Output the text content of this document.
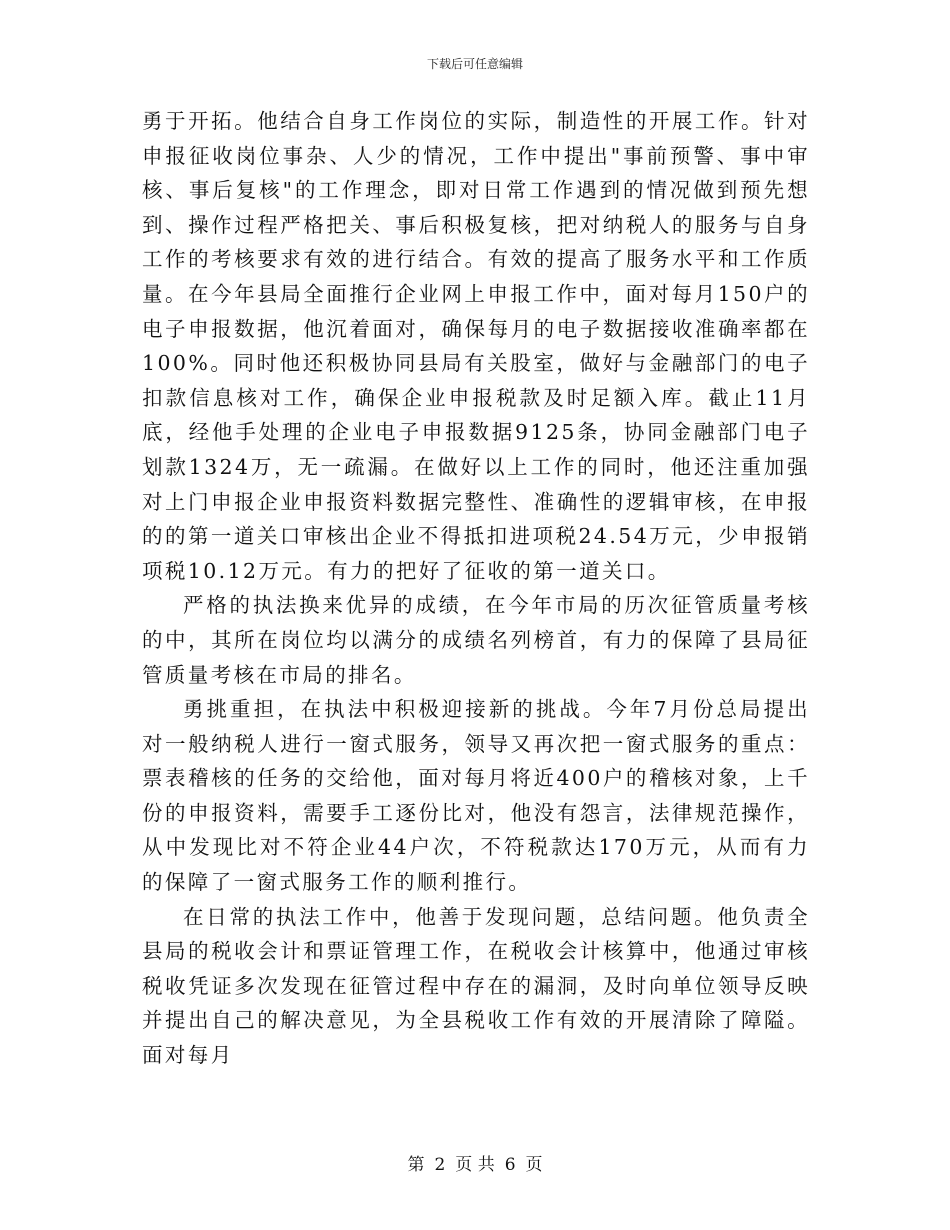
下载后可任意编辑

勇于开拓。他结合自身工作岗位的实际，制造性的开展工作。针对申报征收岗位事杂、人少的情况，工作中提出"事前预警、事中审核、事后复核"的工作理念，即对日常工作遇到的情况做到预先想到、操作过程严格把关、事后积极复核，把对纳税人的服务与自身工作的考核要求有效的进行结合。有效的提高了服务水平和工作质量。在今年县局全面推行企业网上申报工作中，面对每月150户的电子申报数据，他沉着面对，确保每月的电子数据接收准确率都在100%。同时他还积极协同县局有关股室，做好与金融部门的电子扣款信息核对工作，确保企业申报税款及时足额入库。截止11月底，经他手处理的企业电子申报数据9125条，协同金融部门电子划款1324万，无一疏漏。在做好以上工作的同时，他还注重加强对上门申报企业申报资料数据完整性、准确性的逻辑审核，在申报的的第一道关口审核出企业不得抵扣进项税24.54万元，少申报销项税10.12万元。有力的把好了征收的第一道关口。

严格的执法换来优异的成绩，在今年市局的历次征管质量考核的中，其所在岗位均以满分的成绩名列榜首，有力的保障了县局征管质量考核在市局的排名。

勇挑重担，在执法中积极迎接新的挑战。今年7月份总局提出对一般纳税人进行一窗式服务，领导又再次把一窗式服务的重点：票表稽核的任务的交给他，面对每月将近400户的稽核对象，上千份的申报资料，需要手工逐份比对，他没有怨言，法律规范操作，从中发现比对不符企业44户次，不符税款达170万元，从而有力的保障了一窗式服务工作的顺利推行。

在日常的执法工作中，他善于发现问题，总结问题。他负责全县局的税收会计和票证管理工作，在税收会计核算中，他通过审核税收凭证多次发现在征管过程中存在的漏洞，及时向单位领导反映并提出自己的解决意见，为全县税收工作有效的开展清除了障隘。面对每月

第 2 页 共 6 页
